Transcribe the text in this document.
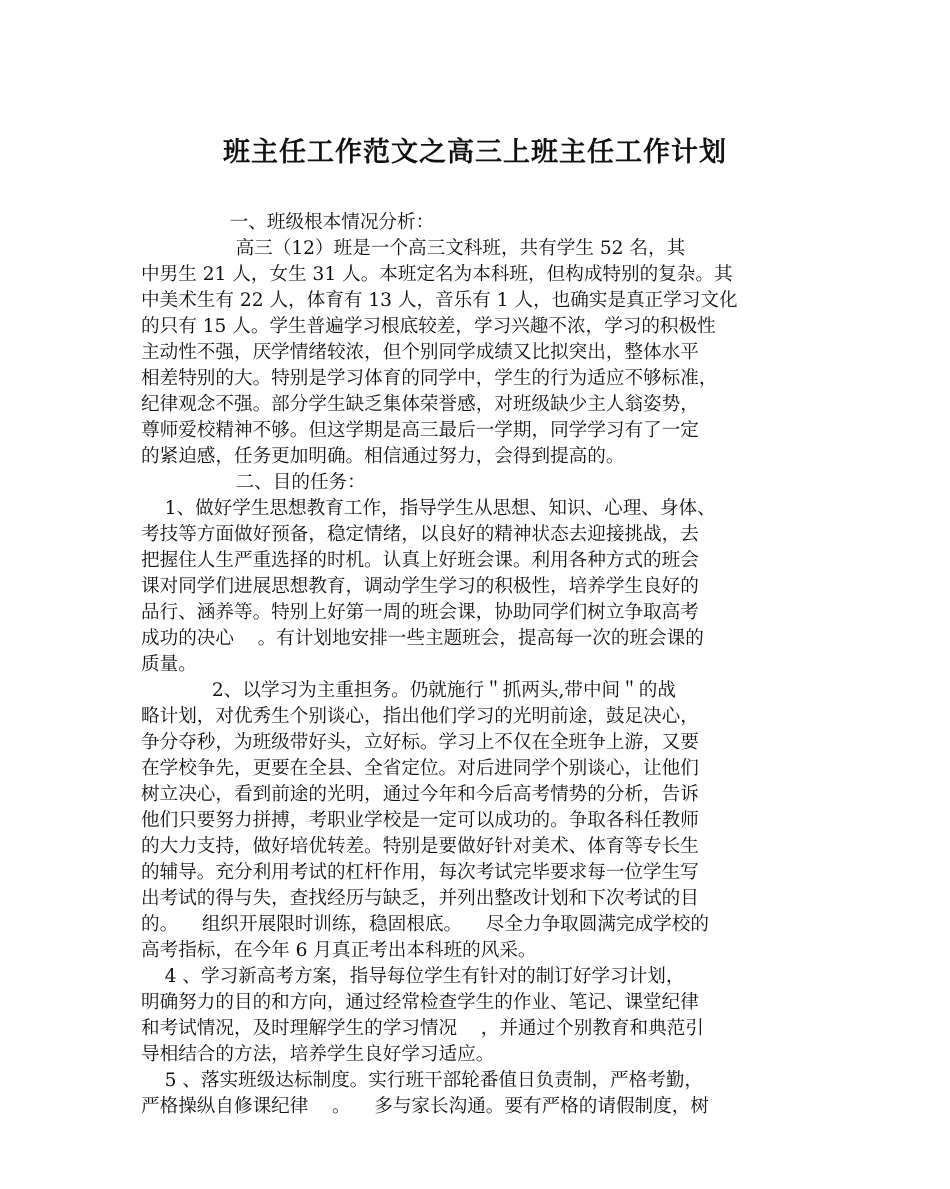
班主任工作范文之高三上班主任工作计划
一、班级根本情况分析：
高三（12）班是一个高三文科班，共有学生 52 名，其
中男生 21 人，女生 31 人。本班定名为本科班，但构成特别的复杂。其
中美术生有 22 人，体育有 13 人，音乐有 1 人，也确实是真正学习文化
的只有 15 人。学生普遍学习根底较差，学习兴趣不浓，学习的积极性
主动性不强，厌学情绪较浓，但个别同学成绩又比拟突出，整体水平
相差特别的大。特别是学习体育的同学中，学生的行为适应不够标准，
纪律观念不强。部分学生缺乏集体荣誉感，对班级缺少主人翁姿势，
尊师爱校精神不够。但这学期是高三最后一学期，同学学习有了一定
的紧迫感，任务更加明确。相信通过努力，会得到提高的。
二、目的任务：
1、做好学生思想教育工作，指导学生从思想、知识、心理、身体、
考技等方面做好预备，稳定情绪，以良好的精神状态去迎接挑战，去
把握住人生严重选择的时机。认真上好班会课。利用各种方式的班会
课对同学们进展思想教育，调动学生学习的积极性，培养学生良好的
品行、涵养等。特别上好第一周的班会课，协助同学们树立争取高考
成功的决心    。有计划地安排一些主题班会，提高每一次的班会课的
质量。
2、以学习为主重担务。仍就施行＂抓两头,带中间＂的战
略计划，对优秀生个别谈心，指出他们学习的光明前途，鼓足决心，
争分夺秒，为班级带好头，立好标。学习上不仅在全班争上游，又要
在学校争先，更要在全县、全省定位。对后进同学个别谈心，让他们
树立决心，看到前途的光明，通过今年和今后高考情势的分析，告诉
他们只要努力拼搏，考职业学校是一定可以成功的。争取各科任教师
的大力支持，做好培优转差。特别是要做好针对美术、体育等专长生
的辅导。充分利用考试的杠杆作用，每次考试完毕要求每一位学生写
出考试的得与失，查找经历与缺乏，并列出整改计划和下次考试的目
的。    组织开展限时训练，稳固根底。    尽全力争取圆满完成学校的
高考指标，在今年 6 月真正考出本科班的风采。
4 、学习新高考方案，指导每位学生有针对的制订好学习计划，
明确努力的目的和方向，通过经常检查学生的作业、笔记、课堂纪律
和考试情况，及时理解学生的学习情况    ，并通过个别教育和典范引
导相结合的方法，培养学生良好学习适应。
5 、落实班级达标制度。实行班干部轮番值日负责制，严格考勤，
严格操纵自修课纪律    。    多与家长沟通。要有严格的请假制度，树
